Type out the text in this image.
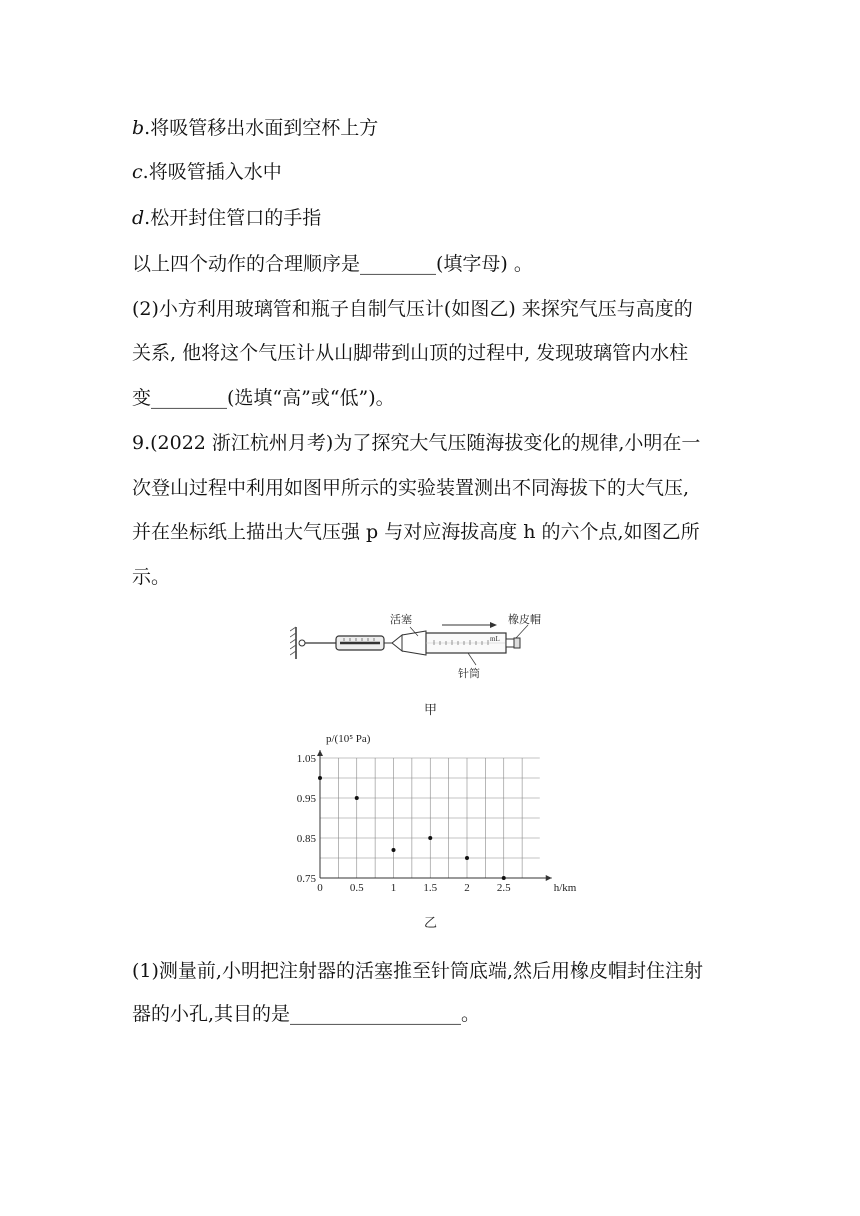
b.将吸管移出水面到空杯上方
c.将吸管插入水中
d.松开封住管口的手指
以上四个动作的合理顺序是________(填字母) 。
(2)小方利用玻璃管和瓶子自制气压计(如图乙) 来探究气压与高度的
关系, 他将这个气压计从山脚带到山顶的过程中, 发现玻璃管内水柱
变________(选填“高”或“低”)。
9.(2022 浙江杭州月考)为了探究大气压随海拔变化的规律,小明在一
次登山过程中利用如图甲所示的实验装置测出不同海拔下的大气压,
并在坐标纸上描出大气压强 p 与对应海拔高度 h 的六个点,如图乙所
示。
活塞
mL
橡皮帽
针筒
甲
p/(10⁵ Pa)
h/km
1.05
0.95
0.85
0.75
0 0.5 1 1.5 2 2.5
乙
(1)测量前,小明把注射器的活塞推至针筒底端,然后用橡皮帽封住注射
器的小孔,其目的是__________________。
